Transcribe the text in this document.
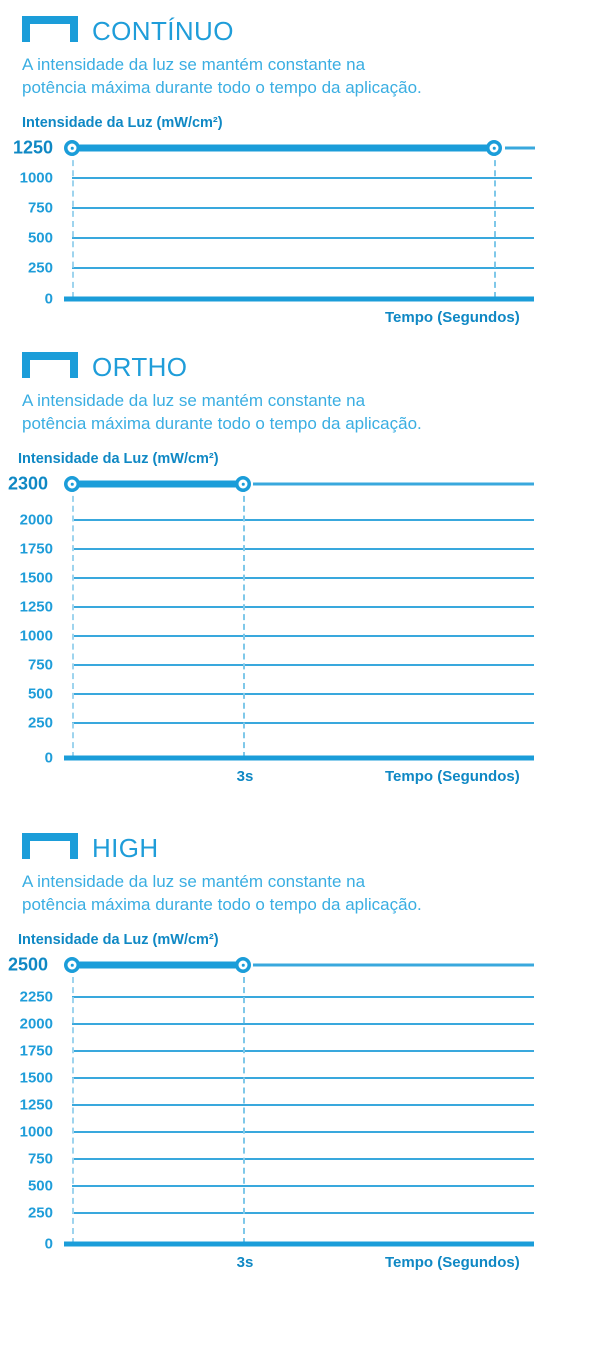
CONTÍNUO
A intensidade da luz se mantém constante na
potência máxima durante todo o tempo da aplicação.
Intensidade da Luz (mW/cm²)
1250
1000
750
500
250
0
Tempo (Segundos)
ORTHO
A intensidade da luz se mantém constante na
potência máxima durante todo o tempo da aplicação.
Intensidade da Luz (mW/cm²)
2300
2000
1750
1500
1250
1000
750
500
250
0
3s	Tempo (Segundos)
HIGH
A intensidade da luz se mantém constante na
potência máxima durante todo o tempo da aplicação.
Intensidade da Luz (mW/cm²)
2500
2250
2000
1750
1500
1250
1000
750
500
250
0
3s	Tempo (Segundos)
